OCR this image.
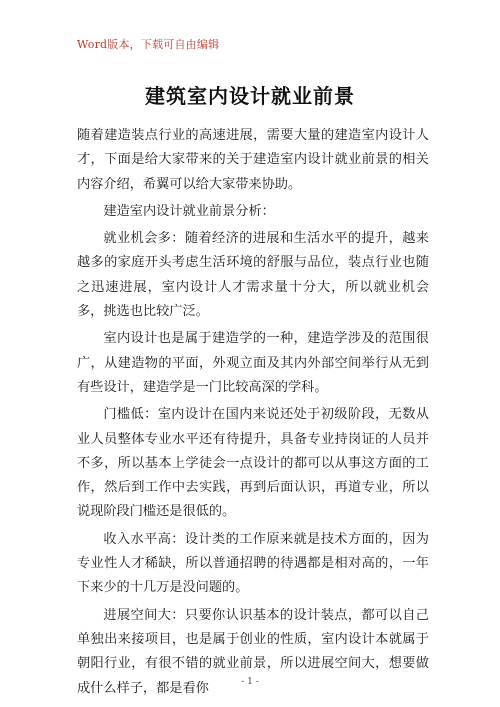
Word版本，下载可自由编辑
建筑室内设计就业前景

随着建造装点行业的高速进展，需要大量的建造室内设计人才，下面是给大家带来的关于建造室内设计就业前景的相关内容介绍，希翼可以给大家带来协助。

建造室内设计就业前景分析：

就业机会多：随着经济的进展和生活水平的提升，越来越多的家庭开头考虑生活环境的舒服与品位，装点行业也随之迅速进展，室内设计人才需求量十分大，所以就业机会多，挑选也比较广泛。

室内设计也是属于建造学的一种，建造学涉及的范围很广，从建造物的平面，外观立面及其内外部空间举行从无到有些设计，建造学是一门比较高深的学科。

门槛低：室内设计在国内来说还处于初级阶段，无数从业人员整体专业水平还有待提升，具备专业持岗证的人员并不多，所以基本上学徒会一点设计的都可以从事这方面的工作，然后到工作中去实践，再到后面认识，再道专业，所以说现阶段门槛还是很低的。

收入水平高：设计类的工作原来就是技术方面的，因为专业性人才稀缺，所以普通招聘的待遇都是相对高的，一年下来少的十几万是没问题的。

进展空间大：只要你认识基本的设计装点，都可以自己单独出来接项目，也是属于创业的性质，室内设计本就属于朝阳行业，有很不错的就业前景，所以进展空间大，想要做成什么样子，都是看你	- 1 -
